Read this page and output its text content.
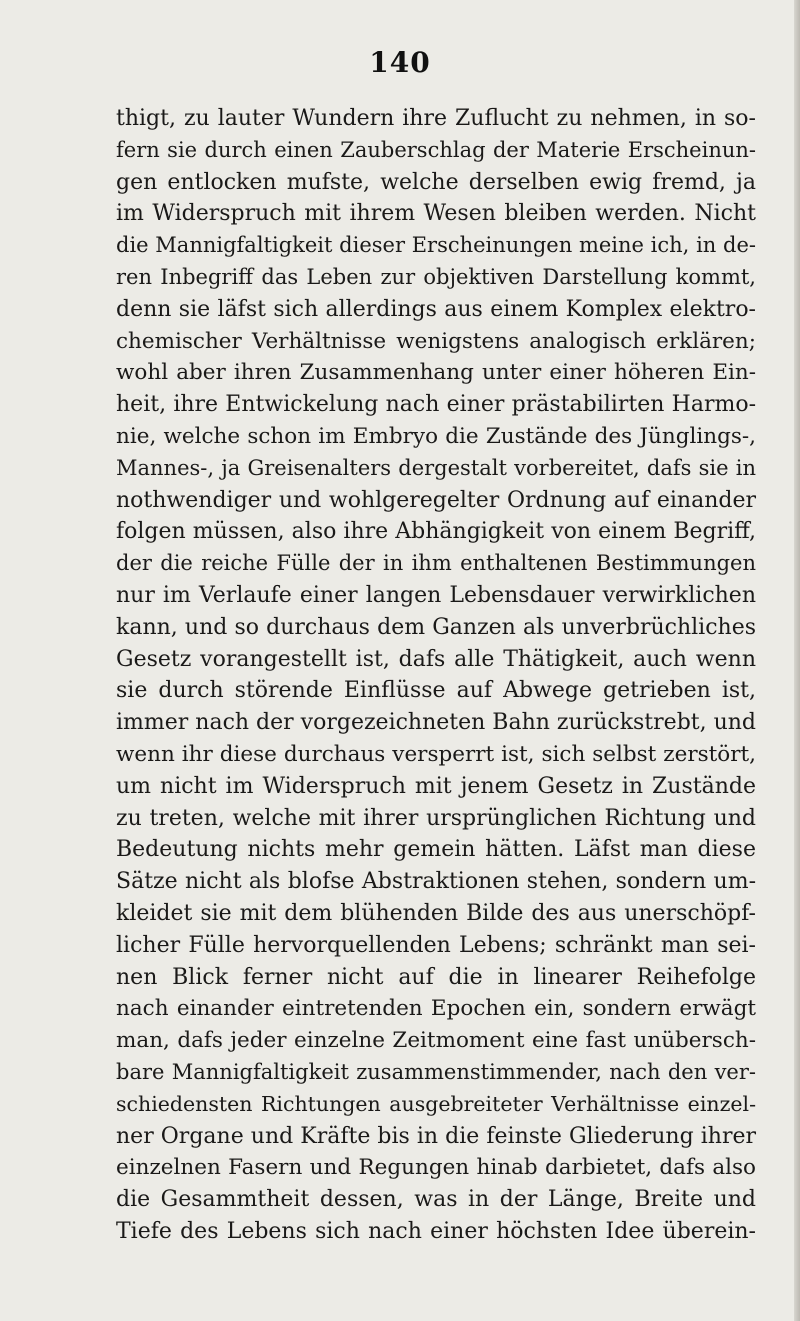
140
thigt, zu lauter Wundern ihre Zuflucht zu nehmen, in so-
fern sie durch einen Zauberschlag der Materie Erscheinun-
gen entlocken mufste, welche derselben ewig fremd, ja
im Widerspruch mit ihrem Wesen bleiben werden. Nicht
die Mannigfaltigkeit dieser Erscheinungen meine ich, in de-
ren Inbegriff das Leben zur objektiven Darstellung kommt,
denn sie läfst sich allerdings aus einem Komplex elektro-
chemischer Verhältnisse wenigstens analogisch erklären;
wohl aber ihren Zusammenhang unter einer höheren Ein-
heit, ihre Entwickelung nach einer prästabilirten Harmo-
nie, welche schon im Embryo die Zustände des Jünglings-,
Mannes-, ja Greisenalters dergestalt vorbereitet, dafs sie in
nothwendiger und wohlgeregelter Ordnung auf einander
folgen müssen, also ihre Abhängigkeit von einem Begriff,
der die reiche Fülle der in ihm enthaltenen Bestimmungen
nur im Verlaufe einer langen Lebensdauer verwirklichen
kann, und so durchaus dem Ganzen als unverbrüchliches
Gesetz vorangestellt ist, dafs alle Thätigkeit, auch wenn
sie durch störende Einflüsse auf Abwege getrieben ist,
immer nach der vorgezeichneten Bahn zurückstrebt, und
wenn ihr diese durchaus versperrt ist, sich selbst zerstört,
um nicht im Widerspruch mit jenem Gesetz in Zustände
zu treten, welche mit ihrer ursprünglichen Richtung und
Bedeutung nichts mehr gemein hätten. Läfst man diese
Sätze nicht als blofse Abstraktionen stehen, sondern um-
kleidet sie mit dem blühenden Bilde des aus unerschöpf-
licher Fülle hervorquellenden Lebens; schränkt man sei-
nen Blick ferner nicht auf die in linearer Reihefolge
nach einander eintretenden Epochen ein, sondern erwägt
man, dafs jeder einzelne Zeitmoment eine fast unübersch-
bare Mannigfaltigkeit zusammenstimmender, nach den ver-
schiedensten Richtungen ausgebreiteter Verhältnisse einzel-
ner Organe und Kräfte bis in die feinste Gliederung ihrer
einzelnen Fasern und Regungen hinab darbietet, dafs also
die Gesammtheit dessen, was in der Länge, Breite und
Tiefe des Lebens sich nach einer höchsten Idee überein-
